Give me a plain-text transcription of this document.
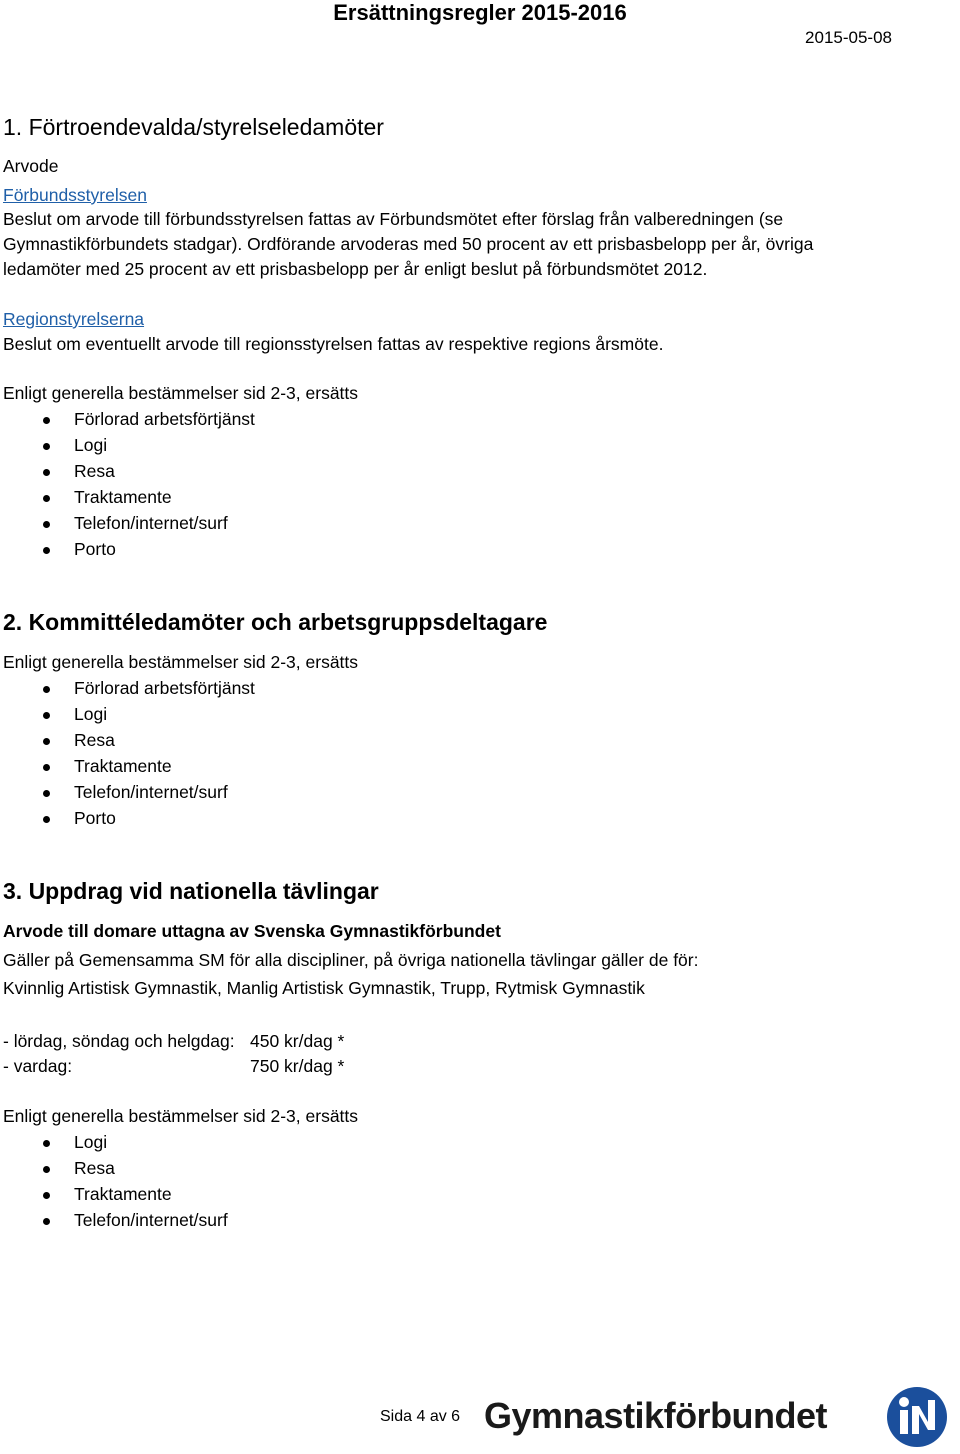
Ersättningsregler 2015-2016
2015-05-08
1. Förtroendevalda/styrelseledamöter
Arvode
Förbundsstyrelsen
Beslut om arvode till förbundsstyrelsen fattas av Förbundsmötet efter förslag från valberedningen (se
Gymnastikförbundets stadgar). Ordförande arvoderas med 50 procent av ett prisbasbelopp per år, övriga
ledamöter med 25 procent av ett prisbasbelopp per år enligt beslut på förbundsmötet 2012.
Regionstyrelserna
Beslut om eventuellt arvode till regionsstyrelsen fattas av respektive regions årsmöte.
Enligt generella bestämmelser sid 2-3, ersätts
Förlorad arbetsförtjänst
Logi
Resa
Traktamente
Telefon/internet/surf
Porto
2. Kommittéledamöter och arbetsgruppsdeltagare
Enligt generella bestämmelser sid 2-3, ersätts
Förlorad arbetsförtjänst
Logi
Resa
Traktamente
Telefon/internet/surf
Porto
3. Uppdrag vid nationella tävlingar
Arvode till domare uttagna av Svenska Gymnastikförbundet
Gäller på Gemensamma SM för alla discipliner, på övriga nationella tävlingar gäller de för:
Kvinnlig Artistisk Gymnastik, Manlig Artistisk Gymnastik, Trupp, Rytmisk Gymnastik
- lördag, söndag och helgdag: 450 kr/dag *
- vardag:	750 kr/dag *
Enligt generella bestämmelser sid 2-3, ersätts
Logi
Resa
Traktamente
Telefon/internet/surf
Sida 4 av 6 Gymnastikförbundet
